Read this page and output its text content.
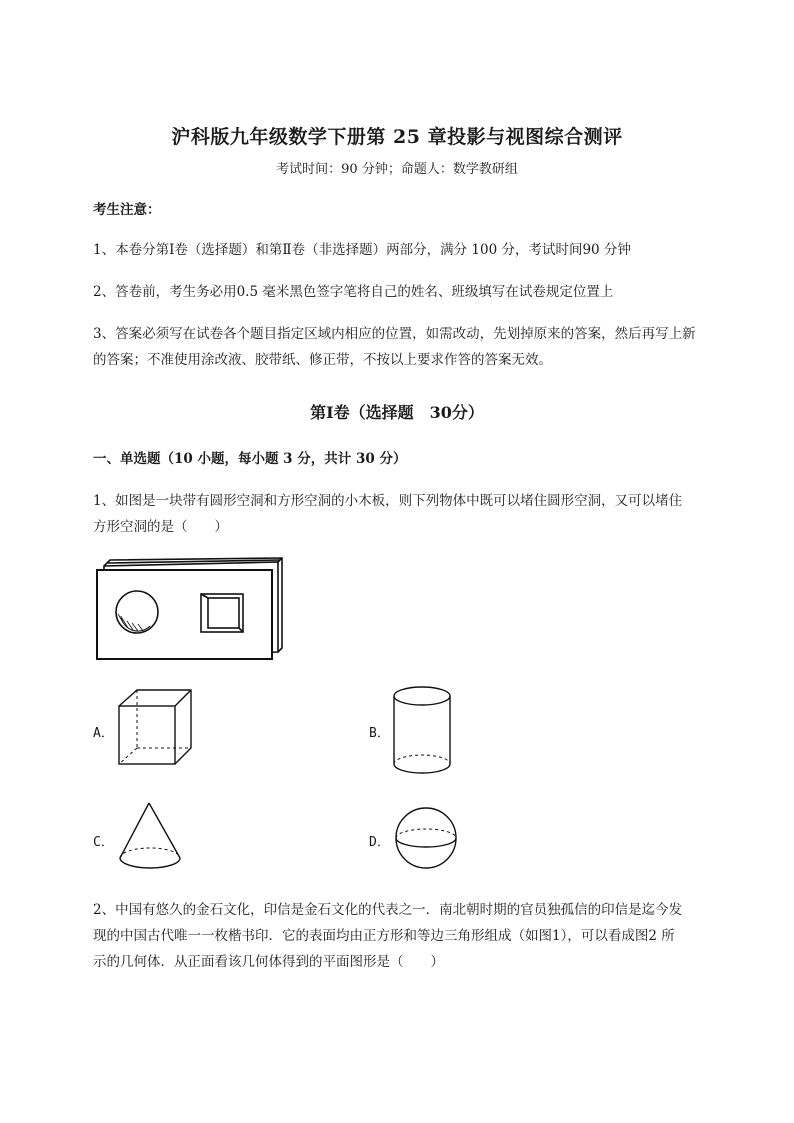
沪科版九年级数学下册第 25 章投影与视图综合测评
考试时间：90 分钟；命题人：数学教研组
考生注意：
1、本卷分第Ⅰ卷（选择题）和第Ⅱ卷（非选择题）两部分，满分 100 分，考试时间90 分钟
2、答卷前，考生务必用0.5 毫米黑色签字笔将自己的姓名、班级填写在试卷规定位置上
3、答案必须写在试卷各个题目指定区域内相应的位置，如需改动，先划掉原来的答案，然后再写上新
的答案；不准使用涂改液、胶带纸、修正带，不按以上要求作答的答案无效。
第Ⅰ卷（选择题　30分）
一、单选题（10 小题，每小题 3 分，共计 30 分）
1、如图是一块带有圆形空洞和方形空洞的小木板，则下列物体中既可以堵住圆形空洞，又可以堵住
方形空洞的是（　　）
A．	B．
C．	D．
2、中国有悠久的金石文化，印信是金石文化的代表之一．南北朝时期的官员独孤信的印信是迄今发
现的中国古代唯一一枚楷书印．它的表面均由正方形和等边三角形组成（如图1），可以看成图2 所
示的几何体．从正面看该几何体得到的平面图形是（　　）
